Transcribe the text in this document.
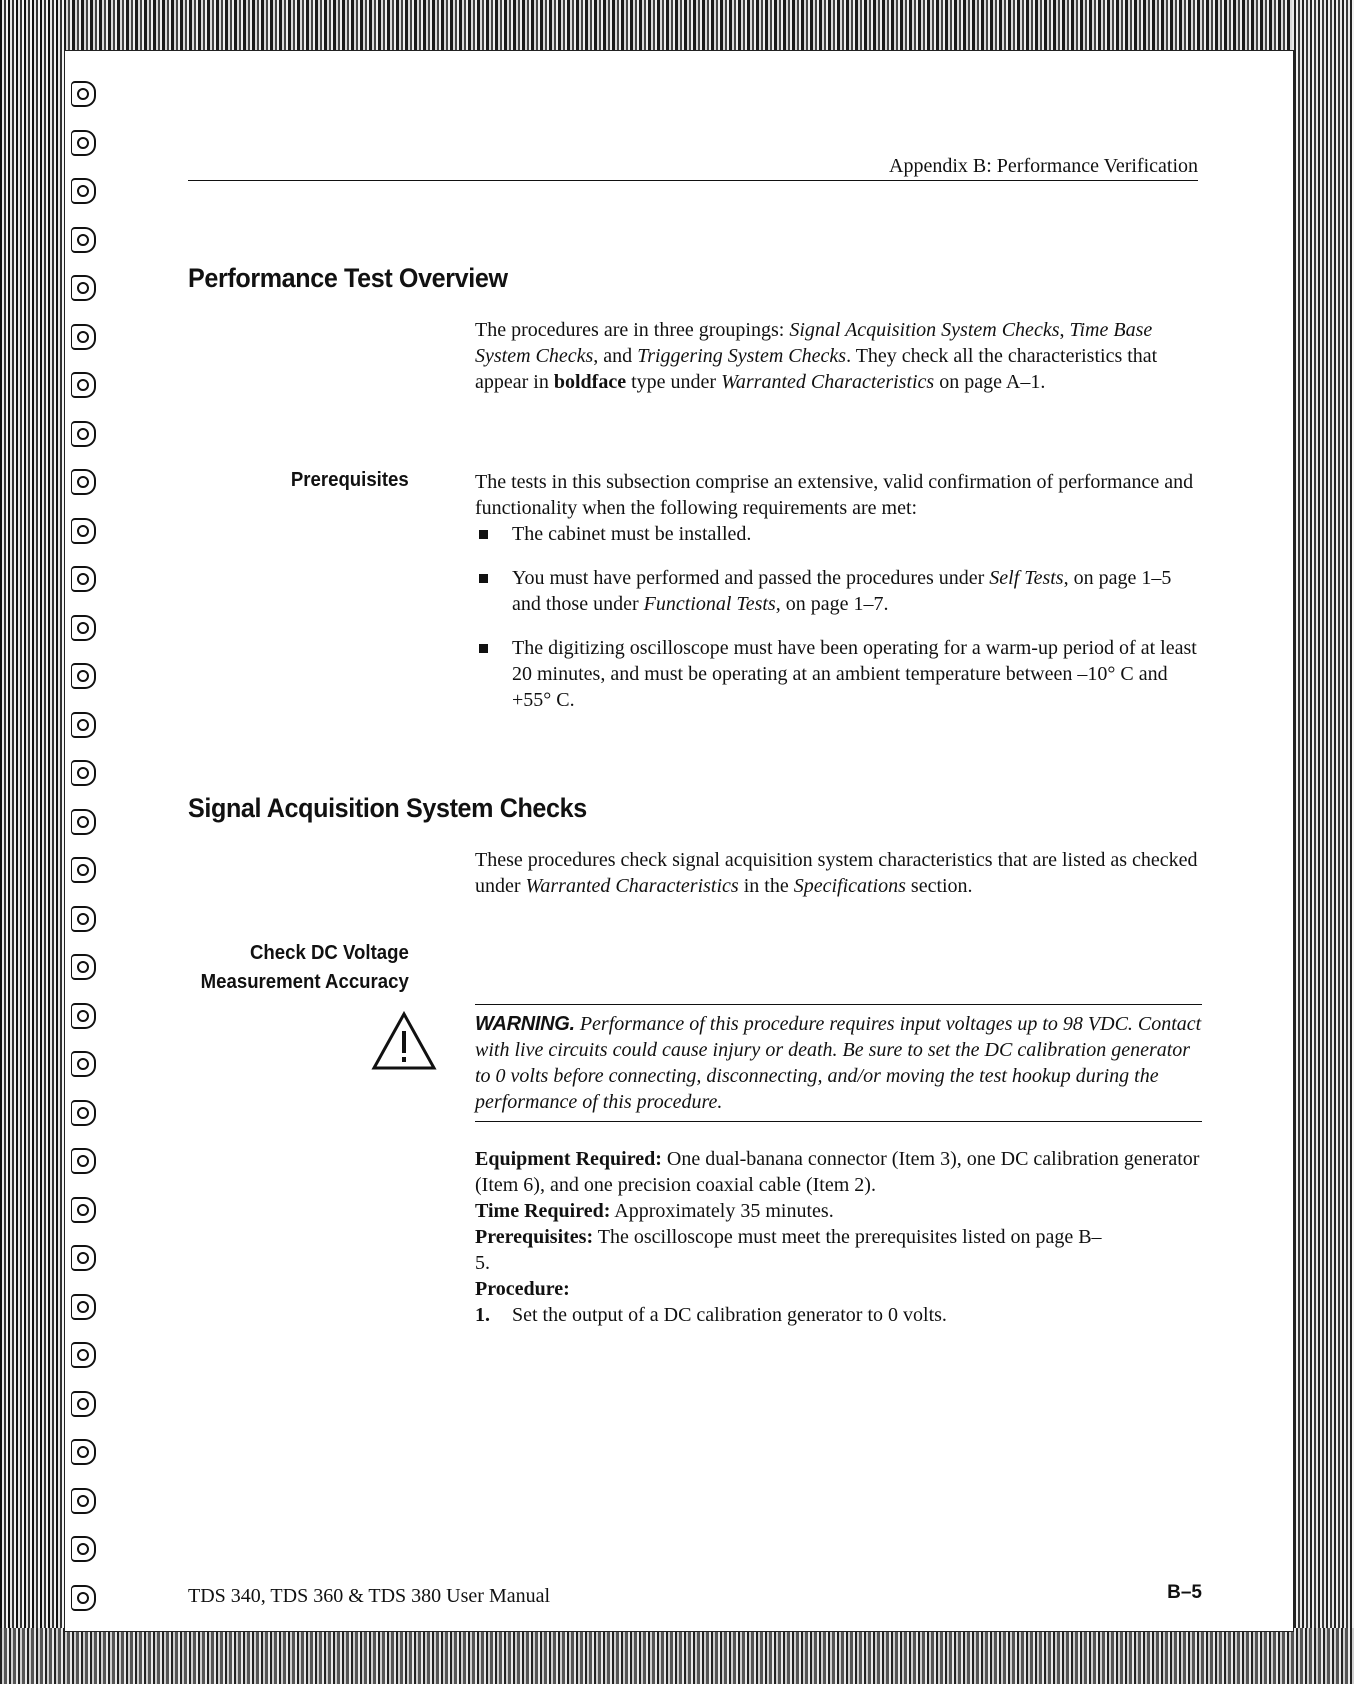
Appendix B: Performance Verification
Performance Test Overview

The procedures are in three groupings: Signal Acquisition System Checks, Time Base System Checks, and Triggering System Checks. They check all the characteristics that appear in boldface type under Warranted Characteristics on page A–1.

Prerequisites	The tests in this subsection comprise an extensive, valid confirmation of performance and functionality when the following requirements are met:

The cabinet must be installed.
You must have performed and passed the procedures under Self Tests, on page 1–5 and those under Functional Tests, on page 1–7.
The digitizing oscilloscope must have been operating for a warm-up period of at least 20 minutes, and must be operating at an ambient temperature between –10° C and +55° C.
Signal Acquisition System Checks

These procedures check signal acquisition system characteristics that are listed as checked under Warranted Characteristics in the Specifications section.

Check DC Voltage
Measurement Accuracy
WARNING. Performance of this procedure requires input voltages up to 98 VDC. Contact with live circuits could cause injury or death. Be sure to set the DC calibration generator to 0 volts before connecting, disconnecting, and/or moving the test hookup during the performance of this procedure.

Equipment Required: One dual-banana connector (Item 3), one DC calibration generator (Item 6), and one precision coaxial cable (Item 2).

Time Required: Approximately 35 minutes.

Prerequisites: The oscilloscope must meet the prerequisites listed on page B–5.

Procedure:

1. Set the output of a DC calibration generator to 0 volts.

TDS 340, TDS 360 & TDS 380 User Manual	B–5
